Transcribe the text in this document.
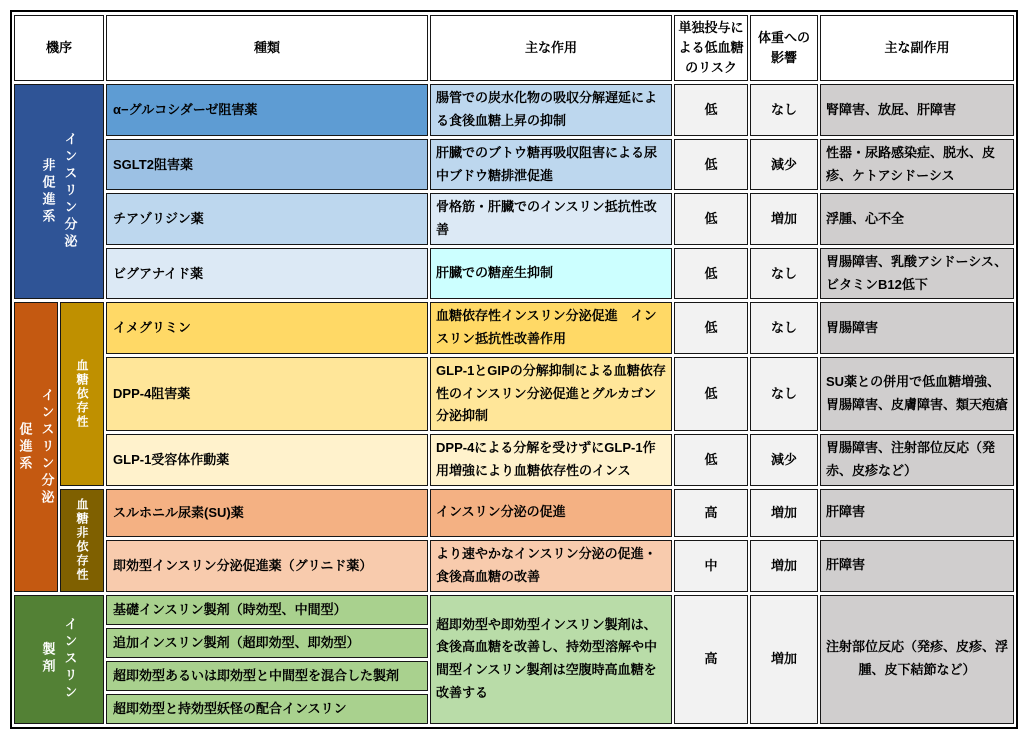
機序		種類	主な作用	単独投与による低血糖のリスク	体重への影響	主な副作用

非促進系 インスリン分泌		α−グルコシダーゼ阻害薬	腸管での炭水化物の吸収分解遅延による食後血糖上昇の抑制	低	なし	腎障害、放屁、肝障害
		SGLT2阻害薬	肝臓でのブトウ糖再吸収阻害による尿中ブドウ糖排泄促進	低	減少	性器・尿路感染症、脱水、皮疹、ケトアシドーシス
		チアゾリジン薬	骨格筋・肝臓でのインスリン抵抗性改善	低	増加	浮腫、心不全
		ビグアナイド薬	肝臓での糖産生抑制	低	なし	胃腸障害、乳酸アシドーシス、ビタミンB12低下

促進系 インスリン分泌	血糖依存性	イメグリミン	血糖依存性インスリン分泌促進　インスリン抵抗性改善作用	低	なし	胃腸障害
		DPP-4阻害薬	GLP-1とGIPの分解抑制による血糖依存性のインスリン分泌促進とグルカゴン分泌抑制	低	なし	SU薬との併用で低血糖増強、胃腸障害、皮膚障害、類天疱瘡
		GLP-1受容体作動薬	DPP-4による分解を受けずにGLP-1作用増強により血糖依存性のインス	低	減少	胃腸障害、注射部位反応（発赤、皮疹など）

	血糖非依存性	スルホニル尿素(SU)薬	インスリン分泌の促進	高	増加	肝障害
		即効型インスリン分泌促進薬（グリニド薬）	より速やかなインスリン分泌の促進・食後高血糖の改善	中	増加	肝障害

製剤 インスリン		基礎インスリン製剤（時効型、中間型）	超即効型や即効型インスリン製剤は、食後高血糖を改善し、持効型溶解や中間型インスリン製剤は空腹時高血糖を改善する	高	増加	注射部位反応（発疹、皮疹、浮腫、皮下結節など）
		追加インスリン製剤（超即効型、即効型）				
		超即効型あるいは即効型と中間型を混合した製剤				
		超即効型と持効型妖怪の配合インスリン				
